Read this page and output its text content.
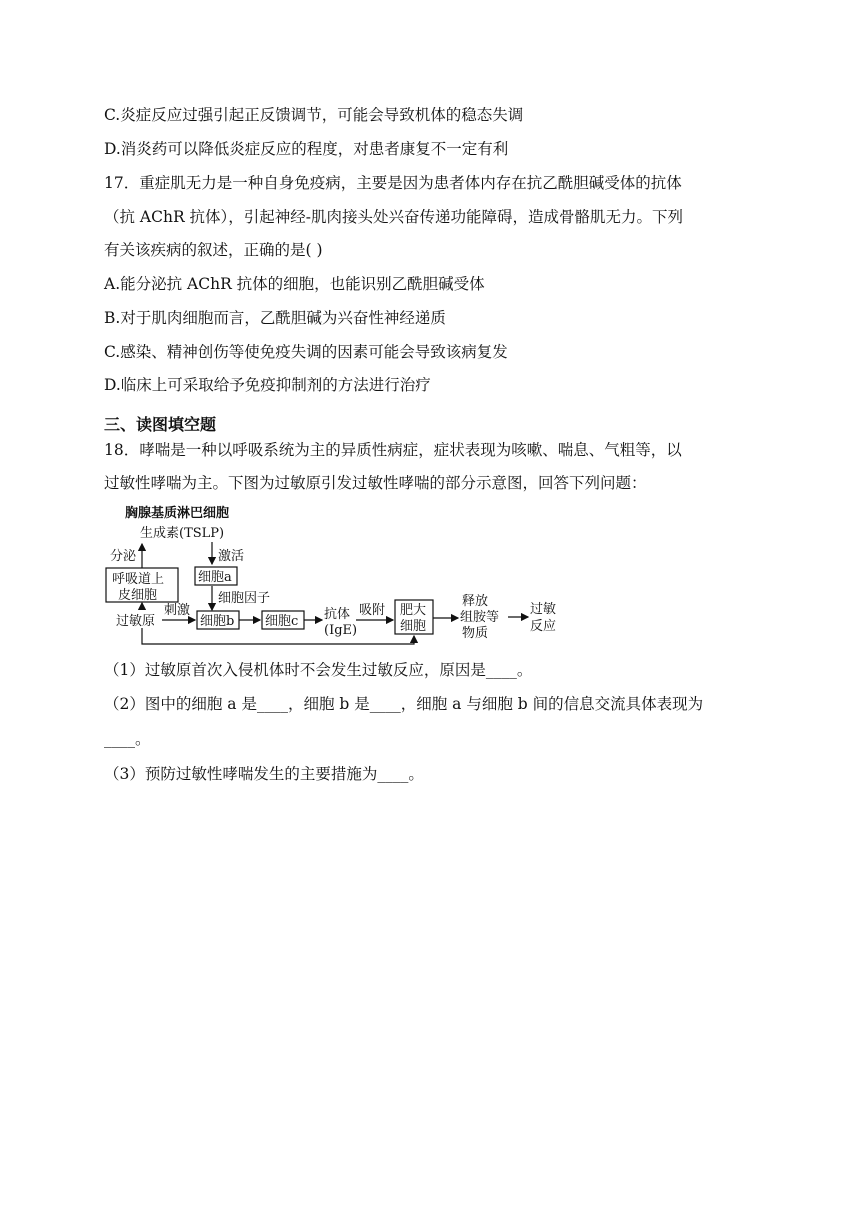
C.炎症反应过强引起正反馈调节，可能会导致机体的稳态失调
D.消炎药可以降低炎症反应的程度，对患者康复不一定有利
17．重症肌无力是一种自身免疫病，主要是因为患者体内存在抗乙酰胆碱受体的抗体
（抗 AChR 抗体），引起神经-肌肉接头处兴奋传递功能障碍，造成骨骼肌无力。下列
有关该疾病的叙述，正确的是( )
A.能分泌抗 AChR 抗体的细胞，也能识别乙酰胆碱受体
B.对于肌肉细胞而言，乙酰胆碱为兴奋性神经递质
C.感染、精神创伤等使免疫失调的因素可能会导致该病复发
D.临床上可采取给予免疫抑制剂的方法进行治疗
三、读图填空题
18．哮喘是一种以呼吸系统为主的异质性病症，症状表现为咳嗽、喘息、气粗等，以
过敏性哮喘为主。下图为过敏原引发过敏性哮喘的部分示意图，回答下列问题：
胸腺基质淋巴细胞
生成素(TSLP)
分泌	激活
呼吸道上
皮细胞
细胞a
细胞因子
过敏原
刺激
细胞b 细胞c 抗体
(IgE)
吸附 肥大
细胞
释放
组胺等
物质
过敏
反应
（1）过敏原首次入侵机体时不会发生过敏反应，原因是____。
（2）图中的细胞 a 是____，细胞 b 是____，细胞 a 与细胞 b 间的信息交流具体表现为
____。
（3）预防过敏性哮喘发生的主要措施为____。
